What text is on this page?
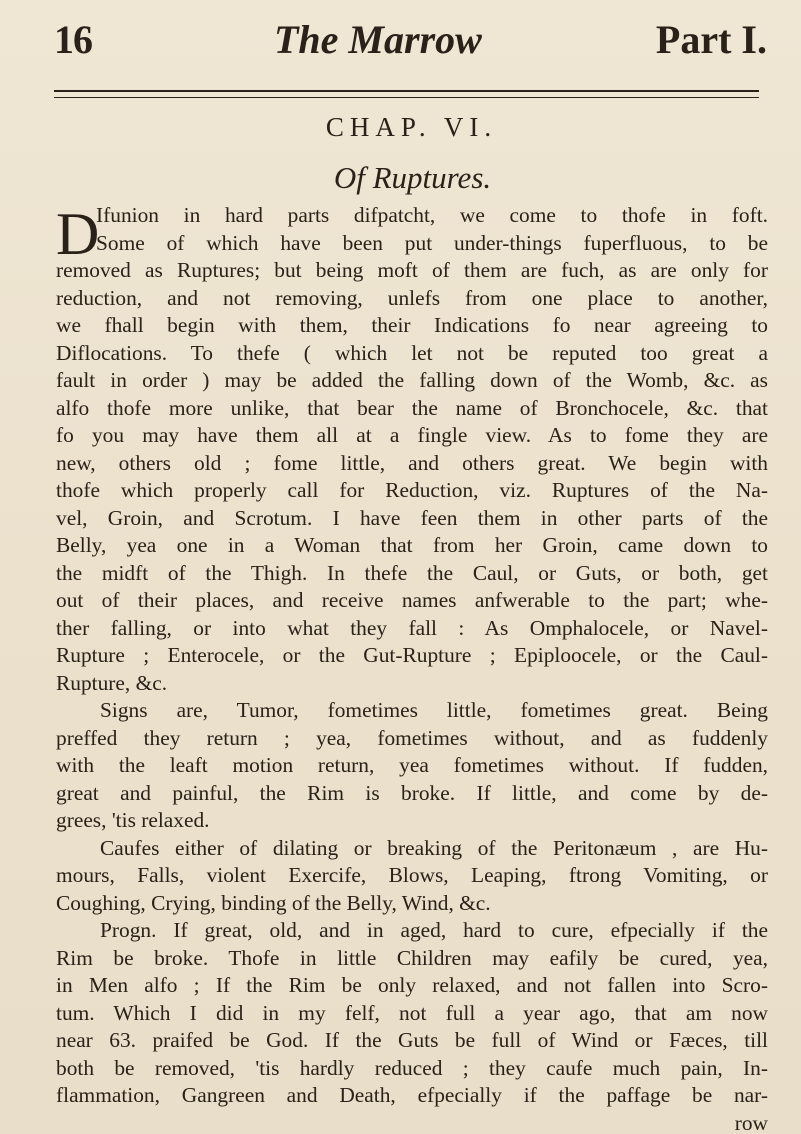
16	The Marrow	Part I.
CHAP. VI.
Of Ruptures.
D
Ifunion in hard parts difpatcht, we come to thofe in foft.
Some of which have been put under-things fuperfluous, to be
removed as Ruptures; but being moft of them are fuch, as are only for
reduction, and not removing, unlefs from one place to another,
we fhall begin with them, their Indications fo near agreeing to
Diflocations. To thefe ( which let not be reputed too great a
fault in order ) may be added the falling down of the Womb, &c. as
alfo thofe more unlike, that bear the name of Bronchocele, &c. that
fo you may have them all at a fingle view. As to fome they are
new, others old ; fome little, and others great. We begin with
thofe which properly call for Reduction, viz. Ruptures of the Na-
vel, Groin, and Scrotum. I have feen them in other parts of the
Belly, yea one in a Woman that from her Groin, came down to
the midft of the Thigh. In thefe the Caul, or Guts, or both, get
out of their places, and receive names anfwerable to the part; whe-
ther falling, or into what they fall : As Omphalocele, or Navel-
Rupture ; Enterocele, or the Gut-Rupture ; Epiploocele, or the Caul-
Rupture, &c.
Signs are, Tumor, fometimes little, fometimes great. Being
preffed they return ; yea, fometimes without, and as fuddenly
with the leaft motion return, yea fometimes without. If fudden,
great and painful, the Rim is broke. If little, and come by de-
grees, 'tis relaxed.
Caufes either of dilating or breaking of the Peritonæum , are Hu-
mours, Falls, violent Exercife, Blows, Leaping, ftrong Vomiting, or
Coughing, Crying, binding of the Belly, Wind, &c.
Progn. If great, old, and in aged, hard to cure, efpecially if the
Rim be broke. Thofe in little Children may eafily be cured, yea,
in Men alfo ; If the Rim be only relaxed, and not fallen into Scro-
tum. Which I did in my felf, not full a year ago, that am now
near 63. praifed be God. If the Guts be full of Wind or Fæces, till
both be removed, 'tis hardly reduced ; they caufe much pain, In-
flammation, Gangreen and Death, efpecially if the paffage be nar-
row
